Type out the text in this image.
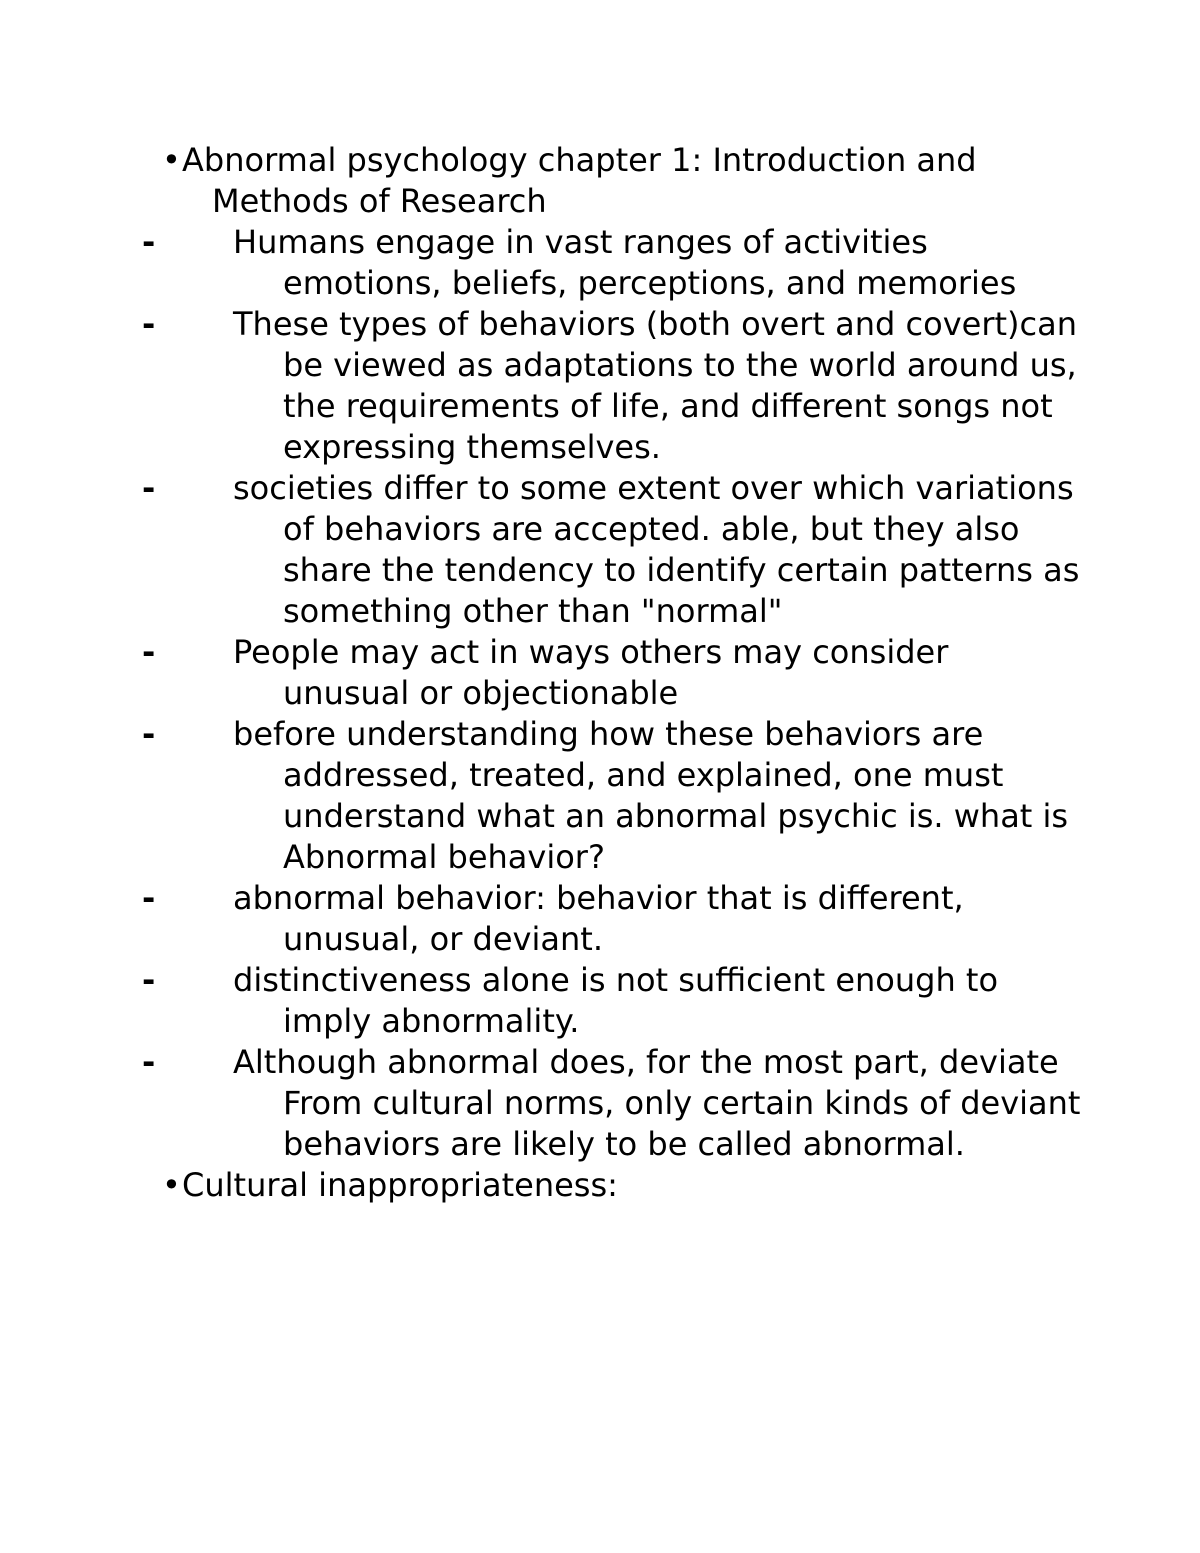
•Abnormal psychology chapter 1: Introduction and Methods of Research
- Humans engage in vast ranges of activities emotions, beliefs, perceptions, and memories
- These types of behaviors (both overt and covert)can be viewed as adaptations to the world around us, the requirements of life, and different songs not expressing themselves.
- societies differ to some extent over which variations of behaviors are accepted. able, but they also share the tendency to identify certain patterns as something other than "normal"
- People may act in ways others may consider unusual or objectionable
- before understanding how these behaviors are addressed, treated, and explained, one must understand what an abnormal psychic is. what is Abnormal behavior?
- abnormal behavior: behavior that is different, unusual, or deviant.
- distinctiveness alone is not sufficient enough to imply abnormality.
- Although abnormal does, for the most part, deviate From cultural norms, only certain kinds of deviant behaviors are likely to be called abnormal.
•Cultural inappropriateness:
